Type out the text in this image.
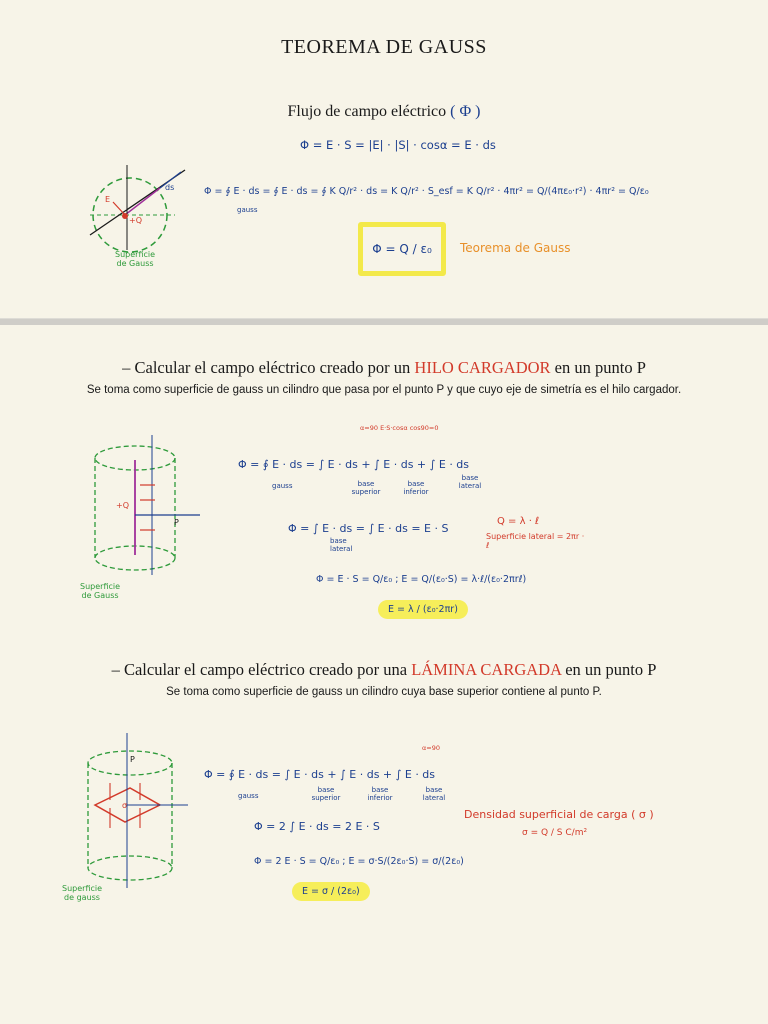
TEOREMA DE GAUSS
Flujo de campo eléctrico ( Φ )
Φ = E · S = |E| · |S| · cosα = E · ds
Φ = ∮ E · ds = ∮ E · ds = ∮ K Q/r² · ds = K Q/r² · S_esf = K Q/r² · 4πr² = Q/(4πε₀·r²) · 4πr² = Q/ε₀
gauss
Φ = Q / ε₀ Teorema de Gauss
+Q
E
ds
Superficie
de Gauss
– Calcular el campo eléctrico creado por un HILO CARGADOR en un punto P
Se toma como superficie de gauss un cilindro que pasa por el punto P y que cuyo eje de simetría es el hilo cargador.
+Q
P
Superficie
de Gauss
α=90 E·S·cosα cos90=0
Φ = ∮ E · ds = ∫ E · ds + ∫ E · ds + ∫ E · ds
gauss	base superior
base inferior
base lateral
Φ = ∫ E · ds = ∫ E · ds = E · S
base lateral
Q = λ · ℓ
Superficie lateral = 2πr · ℓ
Φ = E · S = Q/ε₀ ; E = Q/(ε₀·S) = λ·ℓ/(ε₀·2πrℓ)
E = λ / (ε₀·2πr)
– Calcular el campo eléctrico creado por una LÁMINA CARGADA en un punto P
Se toma como superficie de gauss un cilindro cuya base superior contiene al punto P.
σ
P
Superficie
de gauss
α=90
Φ = ∮ E · ds = ∫ E · ds + ∫ E · ds + ∫ E · ds
gauss
base superior
base inferior
base lateral
Φ = 2 ∫ E · ds = 2 E · S
Densidad superficial de carga ( σ )
σ = Q / S C/m²
Φ = 2 E · S = Q/ε₀ ; E = σ·S/(2ε₀·S) = σ/(2ε₀)
E = σ / (2ε₀)
